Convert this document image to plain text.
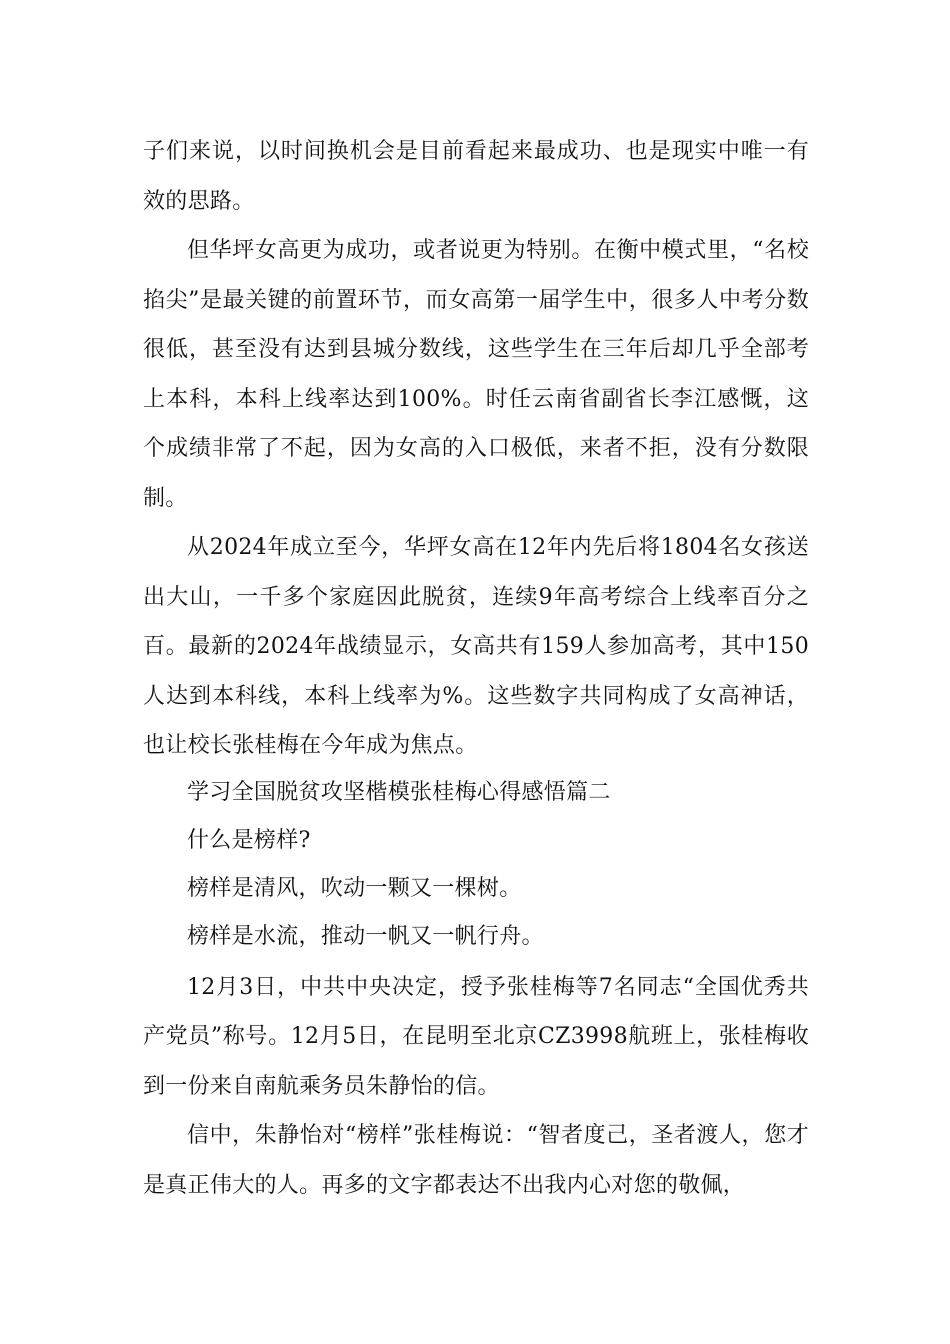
子们来说，以时间换机会是目前看起来最成功、也是现实中唯一有效的思路。

但华坪女高更为成功，或者说更为特别。在衡中模式里，“名校掐尖”是最关键的前置环节，而女高第一届学生中，很多人中考分数很低，甚至没有达到县城分数线，这些学生在三年后却几乎全部考上本科，本科上线率达到100%。时任云南省副省长李江感慨，这个成绩非常了不起，因为女高的入口极低，来者不拒，没有分数限制。

从2024年成立至今，华坪女高在12年内先后将1804名女孩送出大山，一千多个家庭因此脱贫，连续9年高考综合上线率百分之百。最新的2024年战绩显示，女高共有159人参加高考，其中150人达到本科线，本科上线率为%。这些数字共同构成了女高神话，也让校长张桂梅在今年成为焦点。

学习全国脱贫攻坚楷模张桂梅心得感悟篇二

什么是榜样?

榜样是清风，吹动一颗又一棵树。

榜样是水流，推动一帆又一帆行舟。

12月3日，中共中央决定，授予张桂梅等7名同志“全国优秀共产党员”称号。12月5日，在昆明至北京CZ3998航班上，张桂梅收到一份来自南航乘务员朱静怡的信。

信中，朱静怡对“榜样”张桂梅说：“智者度己，圣者渡人，您才是真正伟大的人。再多的文字都表达不出我内心对您的敬佩，
